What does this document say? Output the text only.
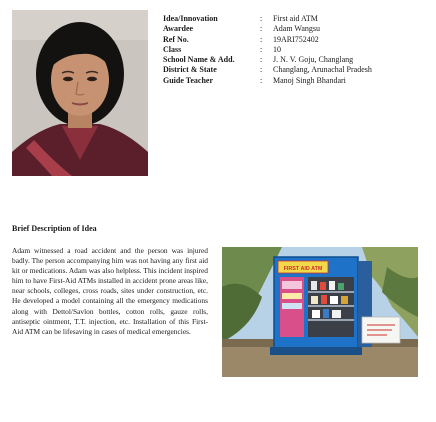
Idea/Innovation	:	First aid ATM
Awardee	:	Adam Wangsu
Ref No.	:	19ARI752402
Class	:	10
School Name & Add.	:	J. N. V. Goju, Changlang
District & State	:	Changlang, Arunachal Pradesh
Guide Teacher	:	Manoj Singh Bhandari
Brief Description of Idea
Adam witnessed a road accident and the person was injured badly. The person accompanying him was not having any first aid kit or medications. Adam was also helpless. This incident inspired him to have First-Aid ATMs installed in accident prone areas like, near schools, colleges, cross roads, sites under construction, etc. He developed a model containing all the emergency medications along with Dettol/Savlon bottles, cotton rolls, gauze rolls, antiseptic ointment, T.T. injection, etc. Installation of this First-Aid ATM can be lifesaving in cases of medical emergencies.
FIRST AID ATM
